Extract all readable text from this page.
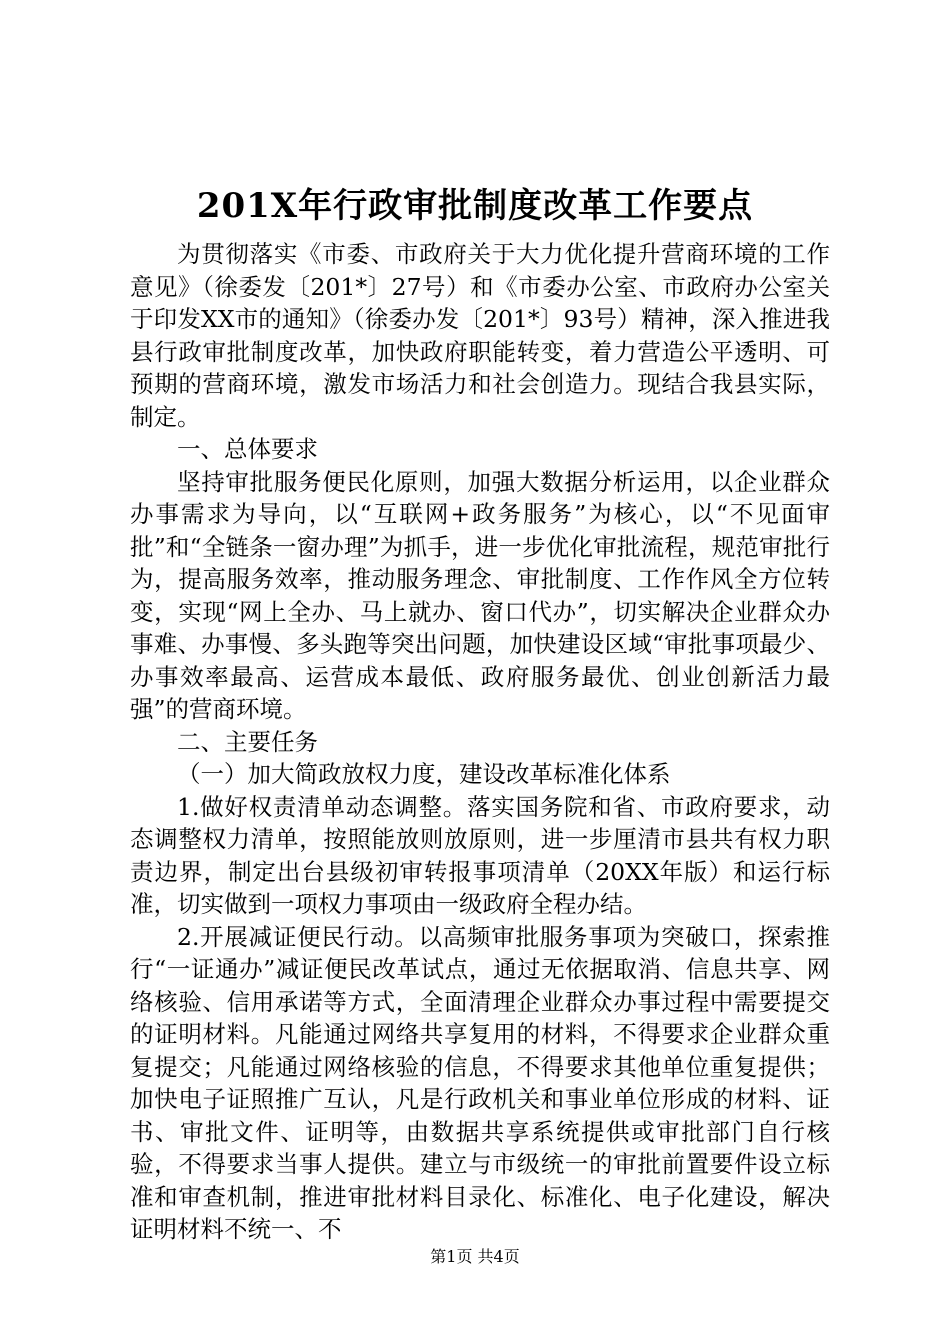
201X年行政审批制度改革工作要点

为贯彻落实《市委、市政府关于大力优化提升营商环境的工作意见》（徐委发〔201*〕27号）和《市委办公室、市政府办公室关于印发XX市的通知》（徐委办发〔201*〕93号）精神，深入推进我县行政审批制度改革，加快政府职能转变，着力营造公平透明、可预期的营商环境，激发市场活力和社会创造力。现结合我县实际，制定。

一、总体要求

坚持审批服务便民化原则，加强大数据分析运用，以企业群众办事需求为导向，以“互联网+政务服务”为核心，以“不见面审批”和“全链条一窗办理”为抓手，进一步优化审批流程，规范审批行为，提高服务效率，推动服务理念、审批制度、工作作风全方位转变，实现“网上全办、马上就办、窗口代办”，切实解决企业群众办事难、办事慢、多头跑等突出问题，加快建设区域“审批事项最少、办事效率最高、运营成本最低、政府服务最优、创业创新活力最强”的营商环境。

二、主要任务

（一）加大简政放权力度，建设改革标准化体系

1.做好权责清单动态调整。落实国务院和省、市政府要求，动态调整权力清单，按照能放则放原则，进一步厘清市县共有权力职责边界，制定出台县级初审转报事项清单（20XX年版）和运行标准，切实做到一项权力事项由一级政府全程办结。

2.开展减证便民行动。以高频审批服务事项为突破口，探索推行“一证通办”减证便民改革试点，通过无依据取消、信息共享、网络核验、信用承诺等方式，全面清理企业群众办事过程中需要提交的证明材料。凡能通过网络共享复用的材料，不得要求企业群众重复提交；凡能通过网络核验的信息，不得要求其他单位重复提供；加快电子证照推广互认，凡是行政机关和事业单位形成的材料、证书、审批文件、证明等，由数据共享系统提供或审批部门自行核验，不得要求当事人提供。建立与市级统一的审批前置要件设立标准和审查机制，推进审批材料目录化、标准化、电子化建设，解决证明材料不统一、不

第1页 共4页
